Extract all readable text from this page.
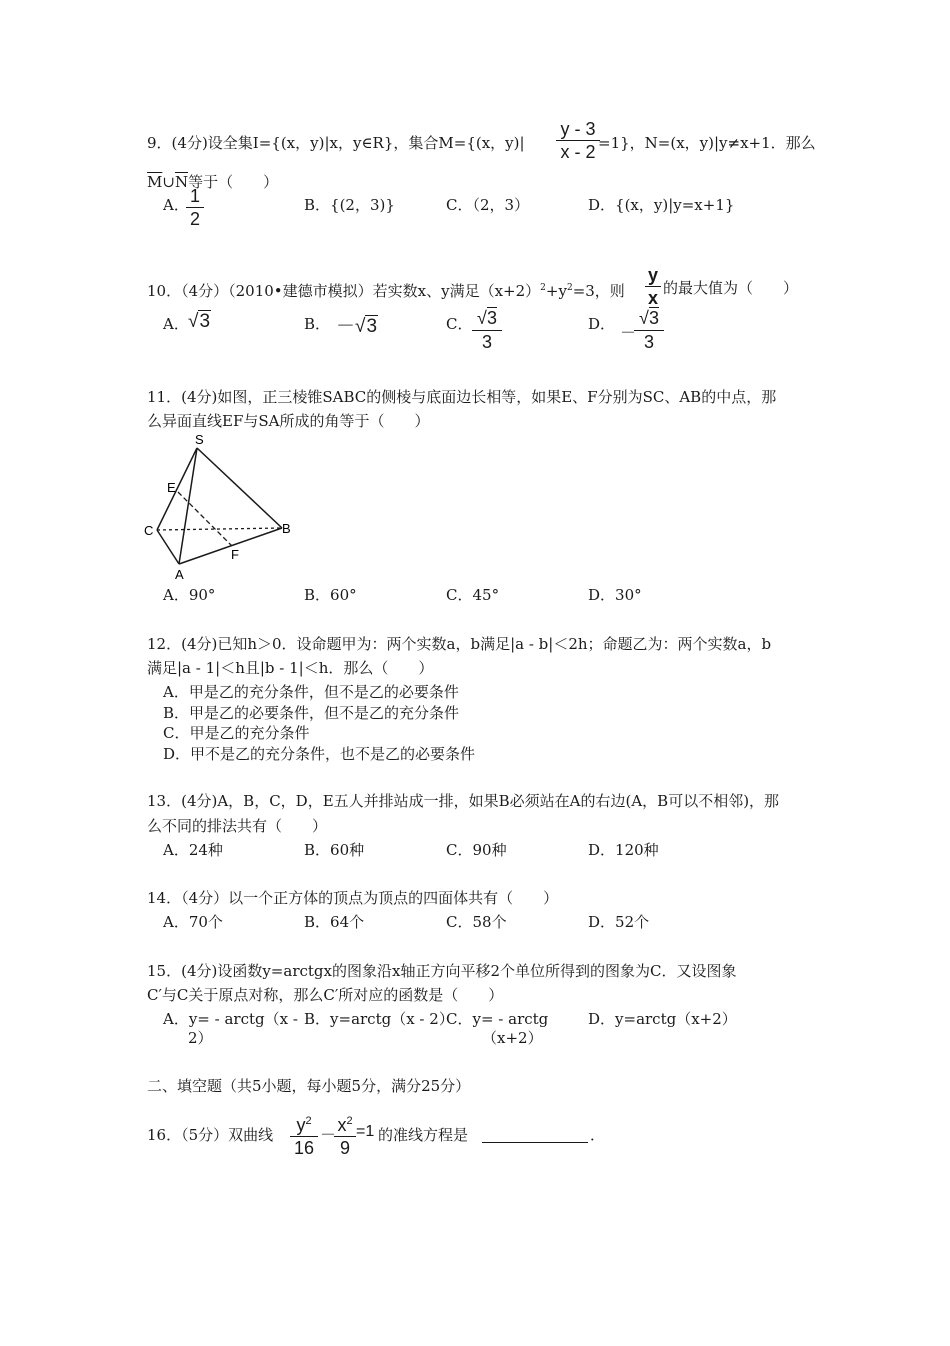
9．(4分)设全集I={(x，y)|x，y∈R}，集合M={(x，y)|
y - 3
x - 2 =1}，N=(x，y)|y≠x+1．那么
$\overline{M}\cup\overline{N}$等于（　　）
A． 1
2
B．{(2，3)}	C．（2，3）	D．{(x，y)|y=x+1}
10．（4分）（2010•建德市模拟）若实数x、y满足$(x+2)^2+y^2=3$，则
y
x 的最大值为（　　）
A． √3	B． －√3	C． √3
3
D．
－
√3
3
11．(4分)如图，正三棱锥SABC的侧棱与底面边长相等，如果E、F分别为SC、AB的中点，那
么异面直线EF与SA所成的角等于（　　）
S
E
C	B
F
A
A．90°	B．60°	C．45°	D．30°
12．(4分)已知h＞0．设命题甲为：两个实数a，b满足|a - b|＜2h；命题乙为：两个实数a，b
满足|a - 1|＜h且|b - 1|＜h．那么（　　）
A．甲是乙的充分条件，但不是乙的必要条件
B．甲是乙的必要条件，但不是乙的充分条件
C．甲是乙的充分条件
D．甲不是乙的充分条件，也不是乙的必要条件
13．(4分)A，B，C，D，E五人并排站成一排，如果B必须站在A的右边(A，B可以不相邻)，那
么不同的排法共有（　　）
A．24种	B．60种	C．90种	D．120种
14．（4分）以一个正方体的顶点为顶点的四面体共有（　　）
A．70个	B．64个	C．58个	D．52个
15．(4分)设函数y=arctgx的图象沿x轴正方向平移2个单位所得到的图象为C．又设图象
C′与C关于原点对称，那么C′所对应的函数是（　　）
A．y= - arctg（x -
2）
B．y=arctg（x - 2）
C．y= - arctg
（x+2）
D．y=arctg（x+2）
二、填空题（共5小题，每小题5分，满分25分）
16．（5分）双曲线	$y^2$
16
－
$x^2$
9
=1 的准线方程是	．
